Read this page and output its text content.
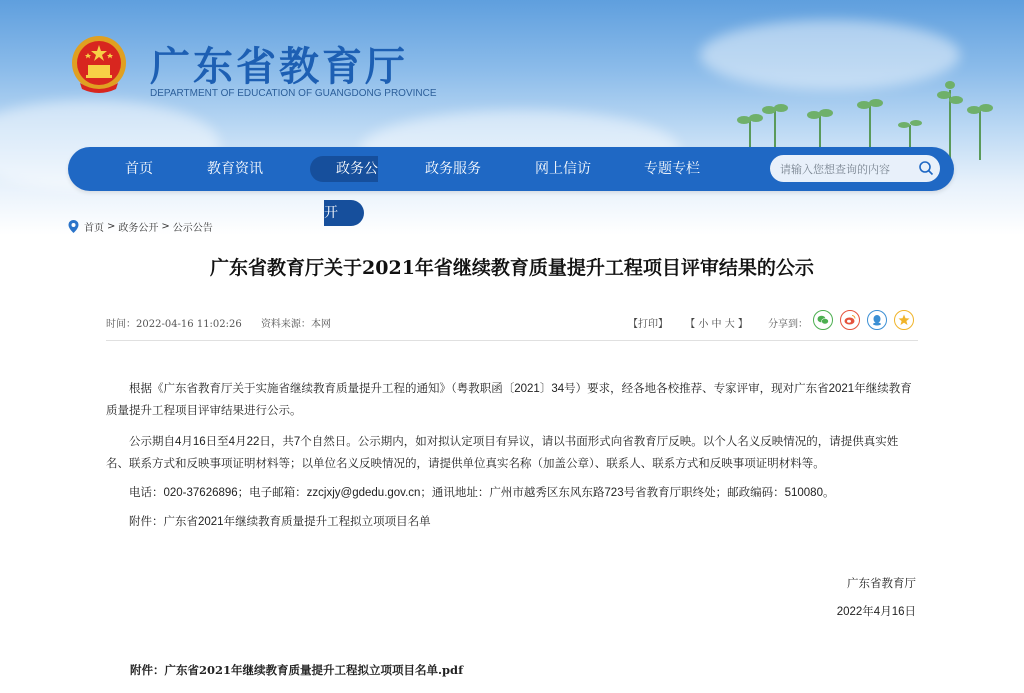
广东省教育厅
DEPARTMENT OF EDUCATION OF GUANGDONG PROVINCE
首页	教育资讯	政务公开
政务服务	网上信访	专题专栏
请输入您想查询的内容
首页 > 政务公开 > 公示公告
广东省教育厅关于2021年省继续教育质量提升工程项目评审结果的公示
时间：2022-04-16 11:02:26 资料来源：本网	【打印】 【 小 中 大 】	分享到：
根据《广东省教育厅关于实施省继续教育质量提升工程的通知》（粤教职函〔2021〕34号）要求，经各地各校推荐、专家评审，现对广东省2021年继续教育质量提升工程项目评审结果进行公示。
公示期自4月16日至4月22日，共7个自然日。公示期内，如对拟认定项目有异议，请以书面形式向省教育厅反映。以个人名义反映情况的，请提供真实姓名、联系方式和反映事项证明材料等；以单位名义反映情况的，请提供单位真实名称（加盖公章）、联系人、联系方式和反映事项证明材料等。
电话：020-37626896；电子邮箱：zzcjxjy@gdedu.gov.cn；通讯地址：广州市越秀区东风东路723号省教育厅职终处；邮政编码：510080。
附件：广东省2021年继续教育质量提升工程拟立项项目名单
广东省教育厅
2022年4月16日
附件：广东省2021年继续教育质量提升工程拟立项项目名单.pdf
